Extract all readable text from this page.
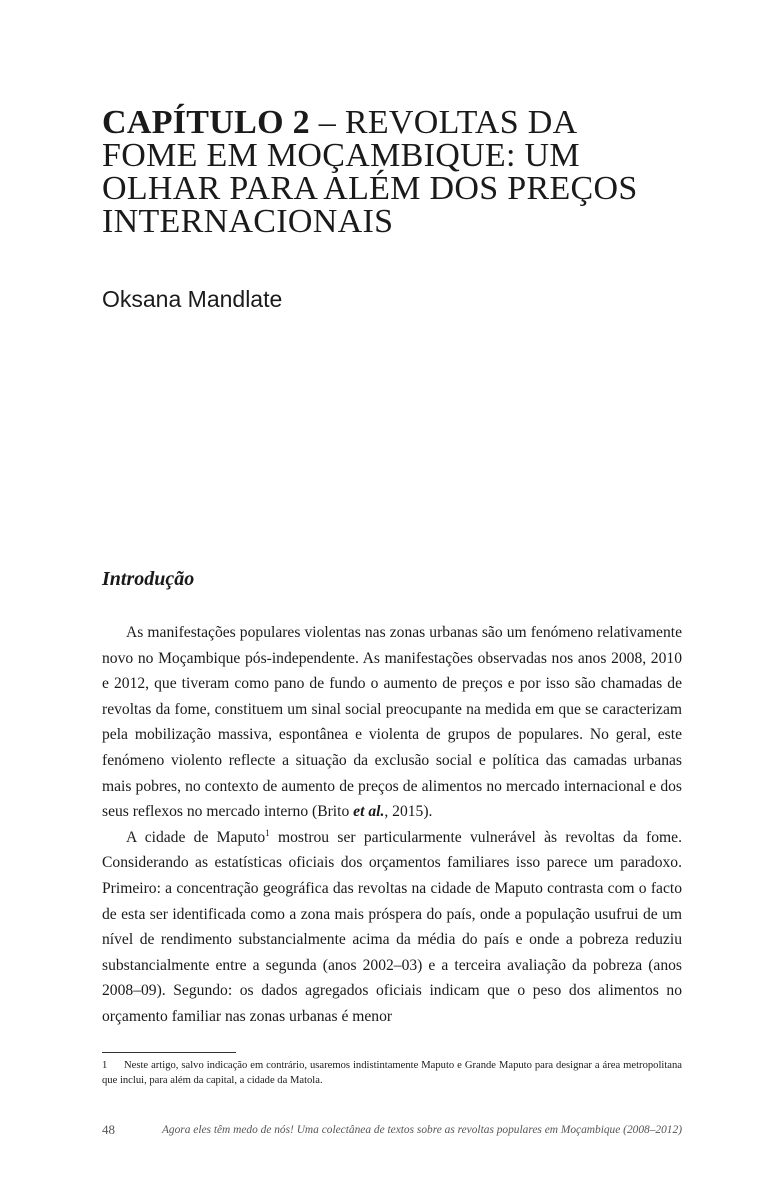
CAPÍTULO 2 – REVOLTAS DA FOME EM MOÇAMBIQUE: UM OLHAR PARA ALÉM DOS PREÇOS INTERNACIONAIS
Oksana Mandlate
Introdução

As manifestações populares violentas nas zonas urbanas são um fenómeno relativamente novo no Moçambique pós-independente. As manifestações observadas nos anos 2008, 2010 e 2012, que tiveram como pano de fundo o aumento de preços e por isso são chamadas de revoltas da fome, constituem um sinal social preocupante na medida em que se caracterizam pela mobilização massiva, espontânea e violenta de grupos de populares. No geral, este fenómeno violento reflecte a situação da exclusão social e política das camadas urbanas mais pobres, no contexto de aumento de preços de alimentos no mercado internacional e dos seus reflexos no mercado interno (Brito et al., 2015).

A cidade de Maputo$^1$ mostrou ser particularmente vulnerável às revoltas da fome. Considerando as estatísticas oficiais dos orçamentos familiares isso parece um paradoxo. Primeiro: a concentração geográfica das revoltas na cidade de Maputo contrasta com o facto de esta ser identificada como a zona mais próspera do país, onde a população usufrui de um nível de rendimento substancialmente acima da média do país e onde a pobreza reduziu substancialmente entre a segunda (anos 2002–03) e a terceira avaliação da pobreza (anos 2008–09). Segundo: os dados agregados oficiais indicam que o peso dos alimentos no orçamento familiar nas zonas urbanas é menor

1 Neste artigo, salvo indicação em contrário, usaremos indistintamente Maputo e Grande Maputo para designar a área metropolitana que inclui, para além da capital, a cidade da Matola.
48	Agora eles têm medo de nós! Uma colectânea de textos sobre as revoltas populares em Moçambique (2008–2012)
